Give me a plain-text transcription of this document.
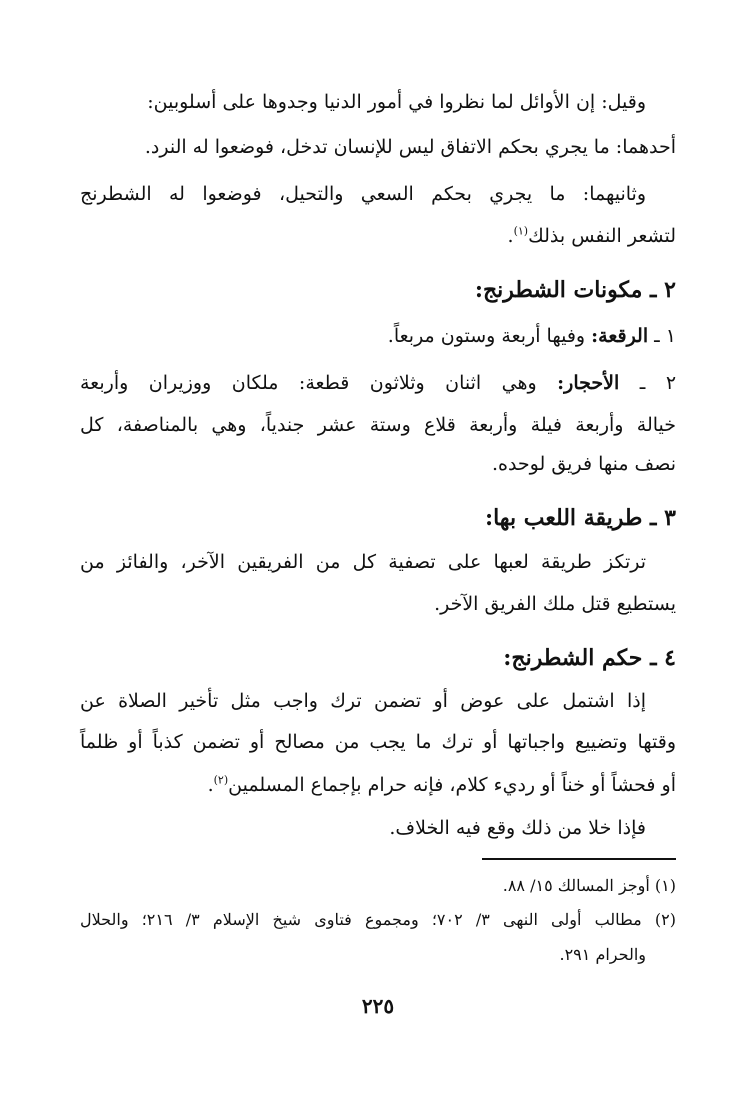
وقيل: إن الأوائل لما نظروا في أمور الدنيا وجدوها على أسلوبين:
أحدهما: ما يجري بحكم الاتفاق ليس للإنسان تدخل، فوضعوا له النرد.
وثانيهما: ما يجري بحكم السعي والتحيل، فوضعوا له الشطرنج
لتشعر النفس بذلك$^{(١)}$.
٢ ـ مكونات الشطرنج:
١ ـ الرقعة: وفيها أربعة وستون مربعاً.
٢ ـ الأحجار: وهي اثنان وثلاثون قطعة: ملكان ووزيران وأربعة
خيالة وأربعة فيلة وأربعة قلاع وستة عشر جندياً، وهي بالمناصفة، كل
نصف منها فريق لوحده.
٣ ـ طريقة اللعب بها:
ترتكز طريقة لعبها على تصفية كل من الفريقين الآخر، والفائز من
يستطيع قتل ملك الفريق الآخر.
٤ ـ حكم الشطرنج:
إذا اشتمل على عوض أو تضمن ترك واجب مثل تأخير الصلاة عن
وقتها وتضييع واجباتها أو ترك ما يجب من مصالح أو تضمن كذباً أو ظلماً
أو فحشاً أو خناً أو رديء كلام، فإنه حرام بإجماع المسلمين$^{(٢)}$.
فإذا خلا من ذلك وقع فيه الخلاف.
(١) أوجز المسالك ١٥/ ٨٨.
(٢) مطالب أولى النهى ٣/ ٧٠٢؛ ومجموع فتاوى شيخ الإسلام ٣/ ٢١٦؛ والحلال
والحرام ٢٩١.
٢٢٥
